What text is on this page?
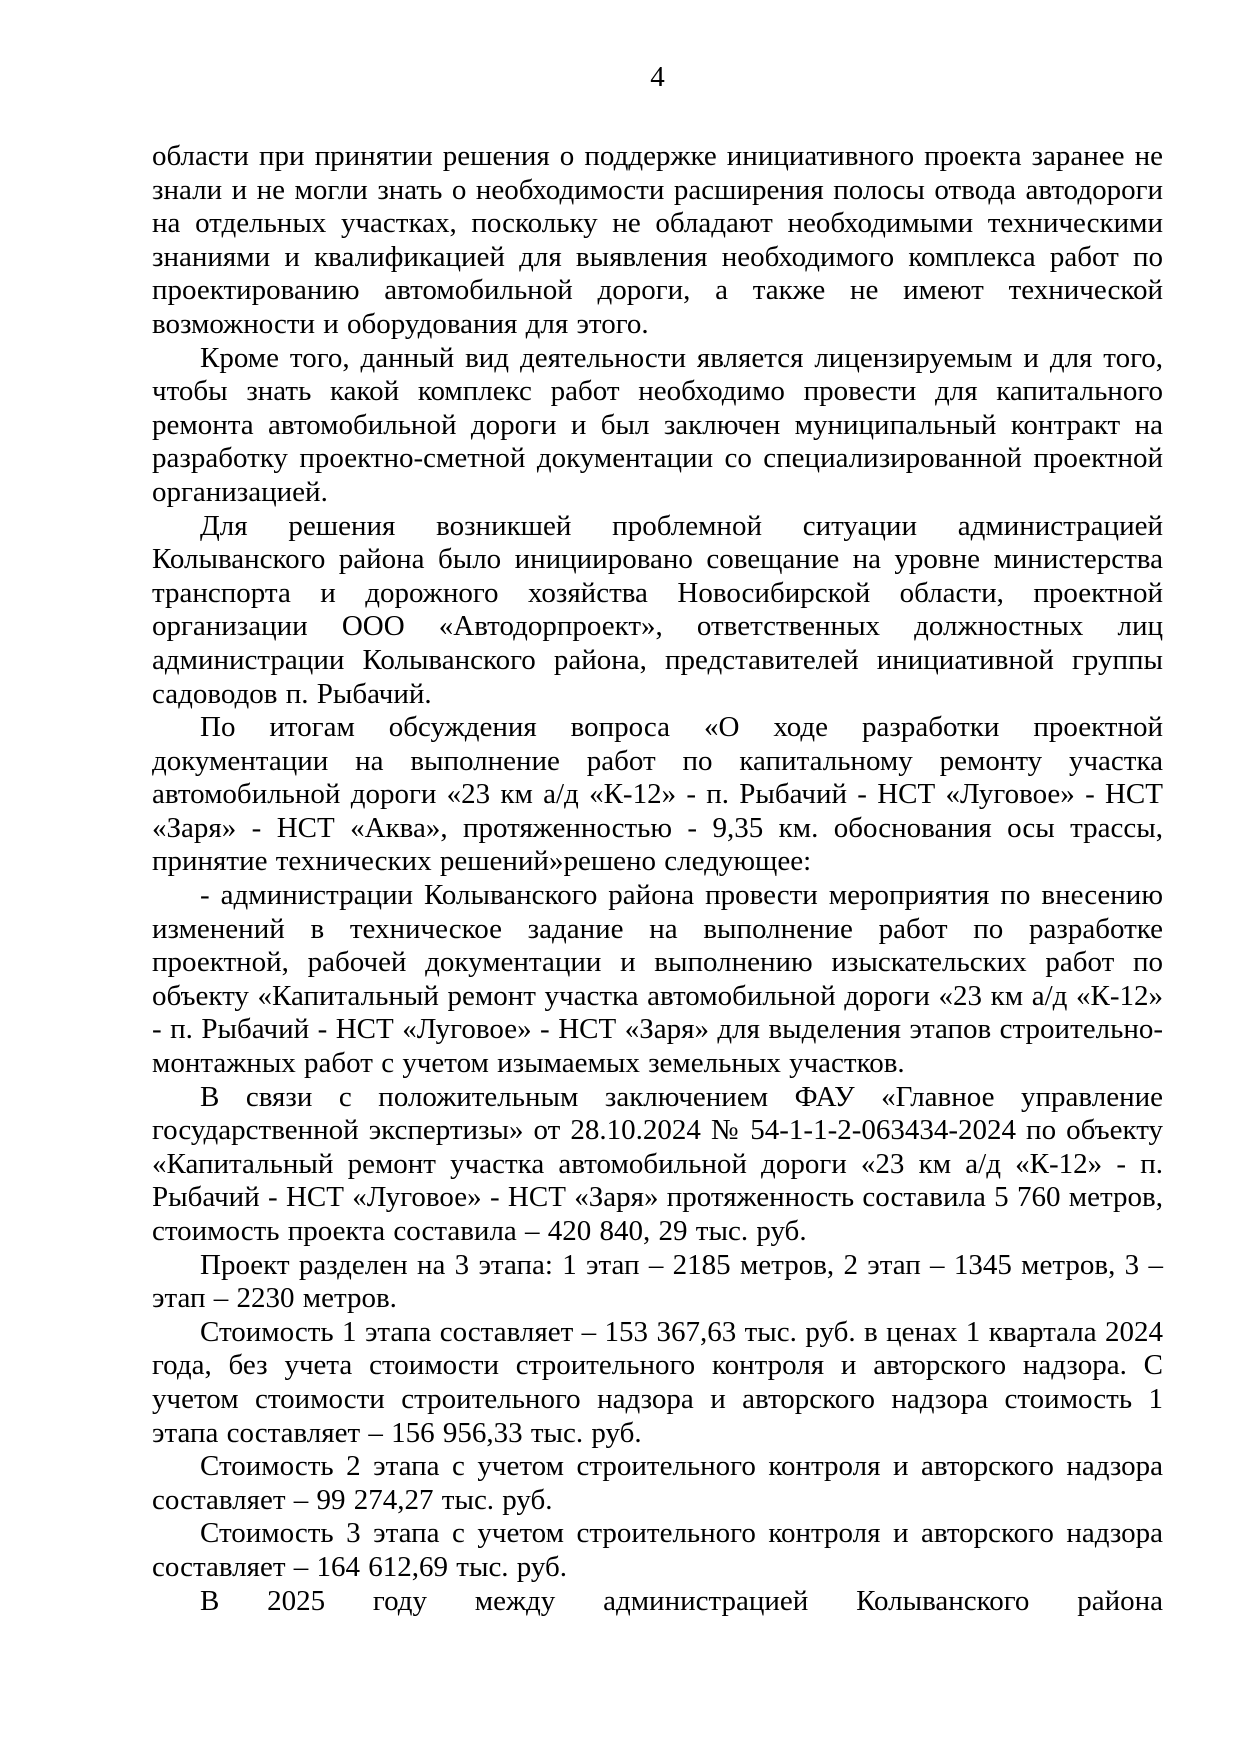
4

области при принятии решения о поддержке инициативного проекта заранее не знали и не могли знать о необходимости расширения полосы отвода автодороги на отдельных участках, поскольку не обладают необходимыми техническими знаниями и квалификацией для выявления необходимого комплекса работ по проектированию автомобильной дороги, а также не имеют технической возможности и оборудования для этого.

Кроме того, данный вид деятельности является лицензируемым и для того, чтобы знать какой комплекс работ необходимо провести для капитального ремонта автомобильной дороги и был заключен муниципальный контракт на разработку проектно-сметной документации со специализированной проектной организацией.

Для решения возникшей проблемной ситуации администрацией Колыванского района было инициировано совещание на уровне министерства транспорта и дорожного хозяйства Новосибирской области, проектной организации ООО «Автодорпроект», ответственных должностных лиц администрации Колыванского района, представителей инициативной группы садоводов п. Рыбачий.

По итогам обсуждения вопроса «О ходе разработки проектной документации на выполнение работ по капитальному ремонту участка автомобильной дороги «23 км а/д «К-12» - п. Рыбачий - НСТ «Луговое» - НСТ «Заря» - НСТ «Аква», протяженностью - 9,35 км. обоснования осы трассы, принятие технических решений»решено следующее:

- администрации Колыванского района провести мероприятия по внесению изменений в техническое задание на выполнение работ по разработке проектной, рабочей документации и выполнению изыскательских работ по объекту «Капитальный ремонт участка автомобильной дороги «23 км а/д «К-12» - п. Рыбачий - НСТ «Луговое» - НСТ «Заря» для выделения этапов строительно-монтажных работ с учетом изымаемых земельных участков.

В связи с положительным заключением ФАУ «Главное управление государственной экспертизы» от 28.10.2024 № 54-1-1-2-063434-2024 по объекту «Капитальный ремонт участка автомобильной дороги «23 км а/д «К-12» - п. Рыбачий - НСТ «Луговое» - НСТ «Заря» протяженность составила 5 760 метров, стоимость проекта составила – 420 840, 29 тыс. руб.

Проект разделен на 3 этапа: 1 этап – 2185 метров, 2 этап – 1345 метров, 3 – этап – 2230 метров.

Стоимость 1 этапа составляет – 153 367,63 тыс. руб. в ценах 1 квартала 2024 года, без учета стоимости строительного контроля и авторского надзора. С учетом стоимости строительного надзора и авторского надзора стоимость 1 этапа составляет – 156 956,33 тыс. руб.

Стоимость 2 этапа с учетом строительного контроля и авторского надзора составляет – 99 274,27 тыс. руб.

Стоимость 3 этапа с учетом строительного контроля и авторского надзора составляет – 164 612,69 тыс. руб.

В 2025 году между администрацией Колыванского района
